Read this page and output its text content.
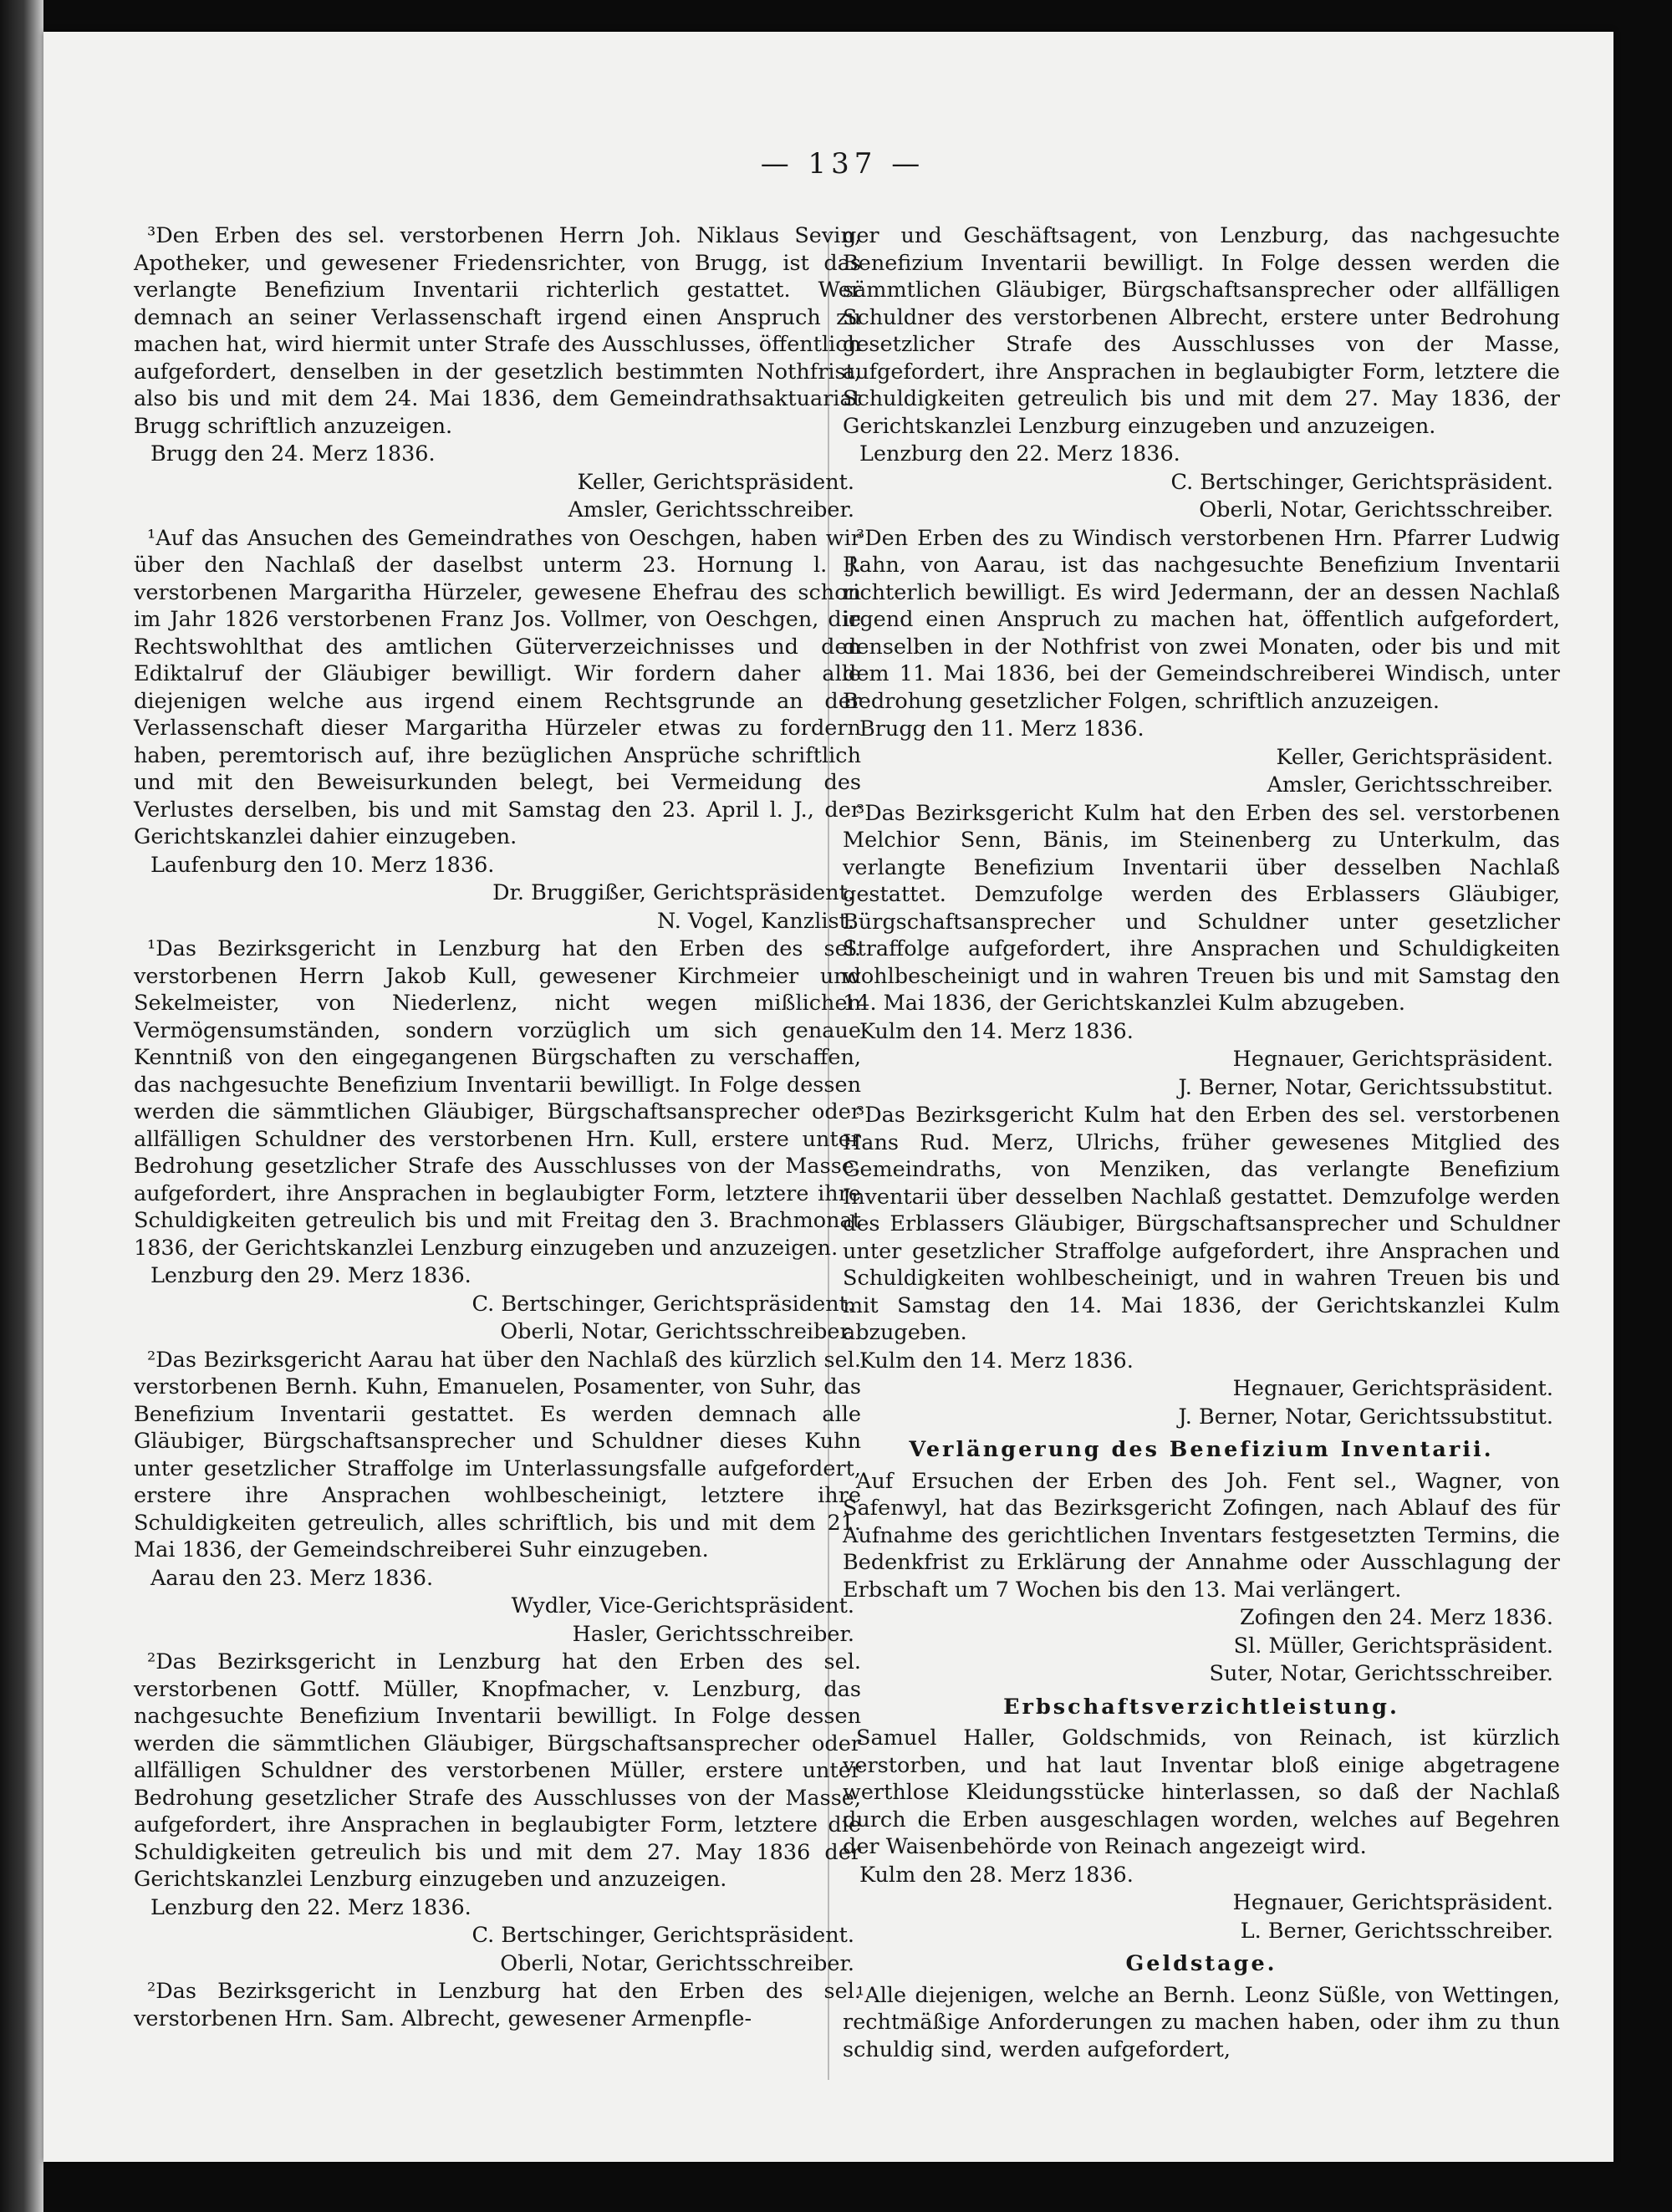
— 137 —

³Den Erben des sel. verstorbenen Herrn Joh. Niklaus Sevin, Apotheker, und gewesener Friedensrichter, von Brugg, ist das verlangte Benefizium Inventarii richterlich gestattet. Wer demnach an seiner Verlassenschaft irgend einen Anspruch zu machen hat, wird hiermit unter Strafe des Ausschlusses, öffentlich aufgefordert, denselben in der gesetzlich bestimmten Nothfrist, also bis und mit dem 24. Mai 1836, dem Gemeindrathsaktuariat Brugg schriftlich anzuzeigen.

Brugg den 24. Merz 1836.

Keller, Gerichtspräsident.

Amsler, Gerichtsschreiber.

¹Auf das Ansuchen des Gemeindrathes von Oeschgen, haben wir über den Nachlaß der daselbst unterm 23. Hornung l. J. verstorbenen Margaritha Hürzeler, gewesene Ehefrau des schon im Jahr 1826 verstorbenen Franz Jos. Vollmer, von Oeschgen, die Rechtswohlthat des amtlichen Güterverzeichnisses und den Ediktalruf der Gläubiger bewilligt. Wir fordern daher alle diejenigen welche aus irgend einem Rechtsgrunde an der Verlassenschaft dieser Margaritha Hürzeler etwas zu fordern haben, peremtorisch auf, ihre bezüglichen Ansprüche schriftlich und mit den Beweisurkunden belegt, bei Vermeidung des Verlustes derselben, bis und mit Samstag den 23. April l. J., der Gerichtskanzlei dahier einzugeben.

Laufenburg den 10. Merz 1836.

Dr. Bruggißer, Gerichtspräsident.

N. Vogel, Kanzlist.

¹Das Bezirksgericht in Lenzburg hat den Erben des sel. verstorbenen Herrn Jakob Kull, gewesener Kirchmeier und Sekelmeister, von Niederlenz, nicht wegen mißlichen Vermögensumständen, sondern vorzüglich um sich genaue Kenntniß von den eingegangenen Bürgschaften zu verschaffen, das nachgesuchte Benefizium Inventarii bewilligt. In Folge dessen werden die sämmtlichen Gläubiger, Bürgschaftsansprecher oder allfälligen Schuldner des verstorbenen Hrn. Kull, erstere unter Bedrohung gesetzlicher Strafe des Ausschlusses von der Masse, aufgefordert, ihre Ansprachen in beglaubigter Form, letztere ihre Schuldigkeiten getreulich bis und mit Freitag den 3. Brachmonat 1836, der Gerichtskanzlei Lenzburg einzugeben und anzuzeigen.

Lenzburg den 29. Merz 1836.

C. Bertschinger, Gerichtspräsident.

Oberli, Notar, Gerichtsschreiber.

²Das Bezirksgericht Aarau hat über den Nachlaß des kürzlich sel. verstorbenen Bernh. Kuhn, Emanuelen, Posamenter, von Suhr, das Benefizium Inventarii gestattet. Es werden demnach alle Gläubiger, Bürgschaftsansprecher und Schuldner dieses Kuhn unter gesetzlicher Straffolge im Unterlassungsfalle aufgefordert, erstere ihre Ansprachen wohlbescheinigt, letztere ihre Schuldigkeiten getreulich, alles schriftlich, bis und mit dem 21. Mai 1836, der Gemeindschreiberei Suhr einzugeben.

Aarau den 23. Merz 1836.

Wydler, Vice-Gerichtspräsident.

Hasler, Gerichtsschreiber.

²Das Bezirksgericht in Lenzburg hat den Erben des sel. verstorbenen Gottf. Müller, Knopfmacher, v. Lenzburg, das nachgesuchte Benefizium Inventarii bewilligt. In Folge dessen werden die sämmtlichen Gläubiger, Bürgschaftsansprecher oder allfälligen Schuldner des verstorbenen Müller, erstere unter Bedrohung gesetzlicher Strafe des Ausschlusses von der Masse, aufgefordert, ihre Ansprachen in beglaubigter Form, letztere die Schuldigkeiten getreulich bis und mit dem 27. May 1836 der Gerichtskanzlei Lenzburg einzugeben und anzuzeigen.

Lenzburg den 22. Merz 1836.

C. Bertschinger, Gerichtspräsident.

Oberli, Notar, Gerichtsschreiber.

²Das Bezirksgericht in Lenzburg hat den Erben des sel. verstorbenen Hrn. Sam. Albrecht, gewesener Armenpfle-

ger und Geschäftsagent, von Lenzburg, das nachgesuchte Benefizium Inventarii bewilligt. In Folge dessen werden die sämmtlichen Gläubiger, Bürgschaftsansprecher oder allfälligen Schuldner des verstorbenen Albrecht, erstere unter Bedrohung gesetzlicher Strafe des Ausschlusses von der Masse, aufgefordert, ihre Ansprachen in beglaubigter Form, letztere die Schuldigkeiten getreulich bis und mit dem 27. May 1836, der Gerichtskanzlei Lenzburg einzugeben und anzuzeigen.

Lenzburg den 22. Merz 1836.

C. Bertschinger, Gerichtspräsident.

Oberli, Notar, Gerichtsschreiber.

³Den Erben des zu Windisch verstorbenen Hrn. Pfarrer Ludwig Rahn, von Aarau, ist das nachgesuchte Benefizium Inventarii richterlich bewilligt. Es wird Jedermann, der an dessen Nachlaß irgend einen Anspruch zu machen hat, öffentlich aufgefordert, denselben in der Nothfrist von zwei Monaten, oder bis und mit dem 11. Mai 1836, bei der Gemeindschreiberei Windisch, unter Bedrohung gesetzlicher Folgen, schriftlich anzuzeigen.

Brugg den 11. Merz 1836.

Keller, Gerichtspräsident.

Amsler, Gerichtsschreiber.

³Das Bezirksgericht Kulm hat den Erben des sel. verstorbenen Melchior Senn, Bänis, im Steinenberg zu Unterkulm, das verlangte Benefizium Inventarii über desselben Nachlaß gestattet. Demzufolge werden des Erblassers Gläubiger, Bürgschaftsansprecher und Schuldner unter gesetzlicher Straffolge aufgefordert, ihre Ansprachen und Schuldigkeiten wohlbescheinigt und in wahren Treuen bis und mit Samstag den 14. Mai 1836, der Gerichtskanzlei Kulm abzugeben.

Kulm den 14. Merz 1836.

Hegnauer, Gerichtspräsident.

J. Berner, Notar, Gerichtssubstitut.

³Das Bezirksgericht Kulm hat den Erben des sel. verstorbenen Hans Rud. Merz, Ulrichs, früher gewesenes Mitglied des Gemeindraths, von Menziken, das verlangte Benefizium Inventarii über desselben Nachlaß gestattet. Demzufolge werden des Erblassers Gläubiger, Bürgschaftsansprecher und Schuldner unter gesetzlicher Straffolge aufgefordert, ihre Ansprachen und Schuldigkeiten wohlbescheinigt, und in wahren Treuen bis und mit Samstag den 14. Mai 1836, der Gerichtskanzlei Kulm abzugeben.

Kulm den 14. Merz 1836.

Hegnauer, Gerichtspräsident.

J. Berner, Notar, Gerichtssubstitut.

Verlängerung des Benefizium Inventarii.

Auf Ersuchen der Erben des Joh. Fent sel., Wagner, von Safenwyl, hat das Bezirksgericht Zofingen, nach Ablauf des für Aufnahme des gerichtlichen Inventars festgesetzten Termins, die Bedenkfrist zu Erklärung der Annahme oder Ausschlagung der Erbschaft um 7 Wochen bis den 13. Mai verlängert.

Zofingen den 24. Merz 1836.

Sl. Müller, Gerichtspräsident.

Suter, Notar, Gerichtsschreiber.

Erbschaftsverzichtleistung.

Samuel Haller, Goldschmids, von Reinach, ist kürzlich verstorben, und hat laut Inventar bloß einige abgetragene werthlose Kleidungsstücke hinterlassen, so daß der Nachlaß durch die Erben ausgeschlagen worden, welches auf Begehren der Waisenbehörde von Reinach angezeigt wird.

Kulm den 28. Merz 1836.

Hegnauer, Gerichtspräsident.

L. Berner, Gerichtsschreiber.

Geldstage.

¹Alle diejenigen, welche an Bernh. Leonz Süßle, von Wettingen, rechtmäßige Anforderungen zu machen haben, oder ihm zu thun schuldig sind, werden aufgefordert,
